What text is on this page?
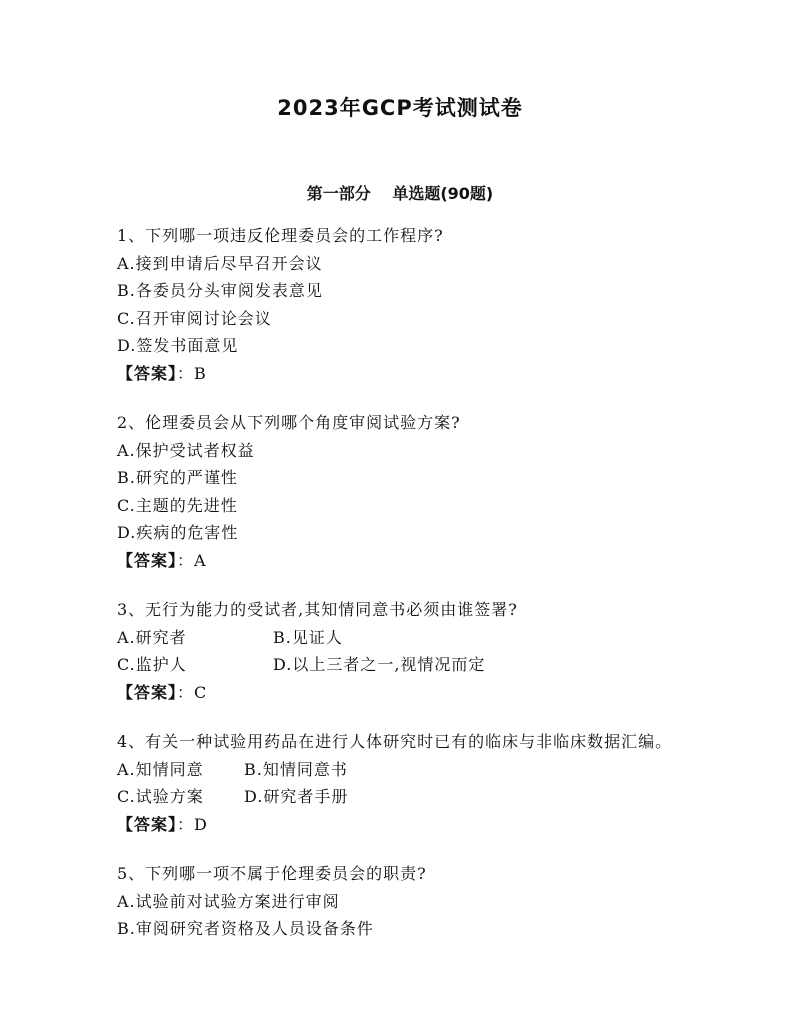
2023年GCP考试测试卷
第一部分 单选题(90题)
1、下列哪一项违反伦理委员会的工作程序?
A.接到申请后尽早召开会议
B.各委员分头审阅发表意见
C.召开审阅讨论会议
D.签发书面意见
【答案】：B
2、伦理委员会从下列哪个角度审阅试验方案?
A.保护受试者权益
B.研究的严谨性
C.主题的先进性
D.疾病的危害性
【答案】：A
3、无行为能力的受试者,其知情同意书必须由谁签署?
A.研究者	B.见证人
C.监护人	D.以上三者之一,视情况而定
【答案】：C
4、有关一种试验用药品在进行人体研究时已有的临床与非临床数据汇编。
A.知情同意	B.知情同意书
C.试验方案	D.研究者手册
【答案】：D
5、下列哪一项不属于伦理委员会的职责?
A.试验前对试验方案进行审阅
B.审阅研究者资格及人员设备条件
